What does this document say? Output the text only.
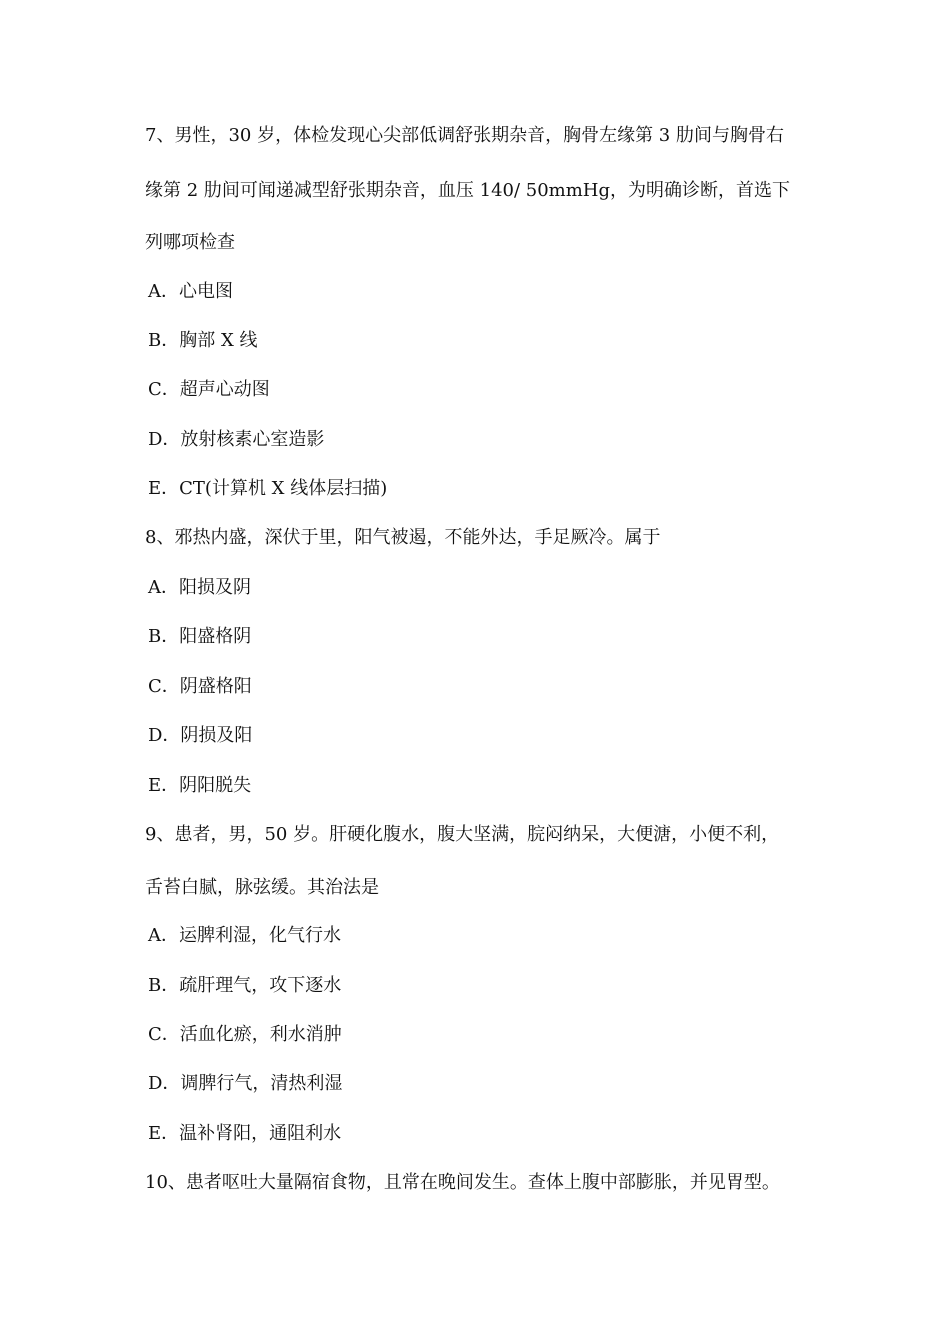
7、男性，30 岁，体检发现心尖部低调舒张期杂音，胸骨左缘第 3 肋间与胸骨右
缘第 2 肋间可闻递减型舒张期杂音，血压 140/ 50mmHg，为明确诊断，首选下
列哪项检查
A．心电图
B．胸部 X 线
C．超声心动图
D．放射核素心室造影
E．CT(计算机 X 线体层扫描)
8、邪热内盛，深伏于里，阳气被遏，不能外达，手足厥冷。属于
A．阳损及阴
B．阳盛格阴
C．阴盛格阳
D．阴损及阳
E．阴阳脱失
9、患者，男，50 岁。肝硬化腹水，腹大坚满，脘闷纳呆，大便溏，小便不利，
舌苔白腻，脉弦缓。其治法是
A．运脾利湿，化气行水
B．疏肝理气，攻下逐水
C．活血化瘀，利水消肿
D．调脾行气，清热利湿
E．温补肾阳，通阻利水
10、患者呕吐大量隔宿食物，且常在晚间发生。查体上腹中部膨胀，并见胃型。
